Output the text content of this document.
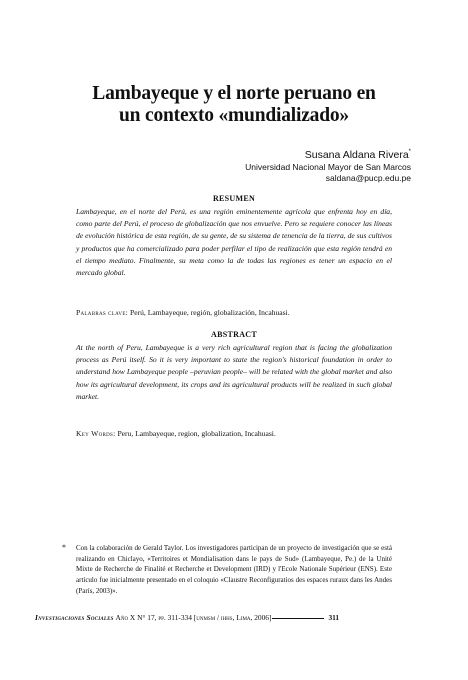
Lambayeque y el norte peruano en
un contexto «mundializado»
Susana Aldana Rivera*
Universidad Nacional Mayor de San Marcos
saldana@pucp.edu.pe
RESUMEN
Lambayeque, en el norte del Perú, es una región eminentemente agrícola que enfrenta hoy en día, como parte del Perú, el proceso de globalización que nos envuelve. Pero se requiere conocer las líneas de evolución histórica de esta región, de su gente, de su sistema de tenencia de la tierra, de sus cultivos y productos que ha comercializado para poder perfilar el tipo de realización que esta región tendrá en el tiempo mediato. Finalmente, su meta como la de todas las regiones es tener un espacio en el mercado global.
Palabras clave: Perú, Lambayeque, región, globalización, Incahuasi.
ABSTRACT
At the north of Peru, Lambayeque is a very rich agricultural region that is facing the globalization process as Perú itself. So it is very important to state the region's historical foundation in order to understand how Lambayeque people –peruvian people– will be related with the global market and also how its agricultural development, its crops and its agricultural products will be realized in such global market.
Key Words: Peru, Lambayeque, region, globalization, Incahuasi.
* Con la colaboración de Gerald Taylor. Los investigadores participan de un proyecto de investigación que se está realizando en Chiclayo, «Territoires et Mondialisation dans le pays de Sud» (Lambayeque, Pe.) de la Unité Mixte de Recherche de Finalité et Recherche et Development (IRD) y l'Ecole Nationale Supérieur (ENS). Este artículo fue inicialmente presentado en el coloquio «Claustre Reconfiguratios des espaces ruraux dans les Andes (París, 2003)».
Investigaciones Sociales Año X N° 17, pp. 311-334 [unmsm / ihhs, Lima, 2006]	311
